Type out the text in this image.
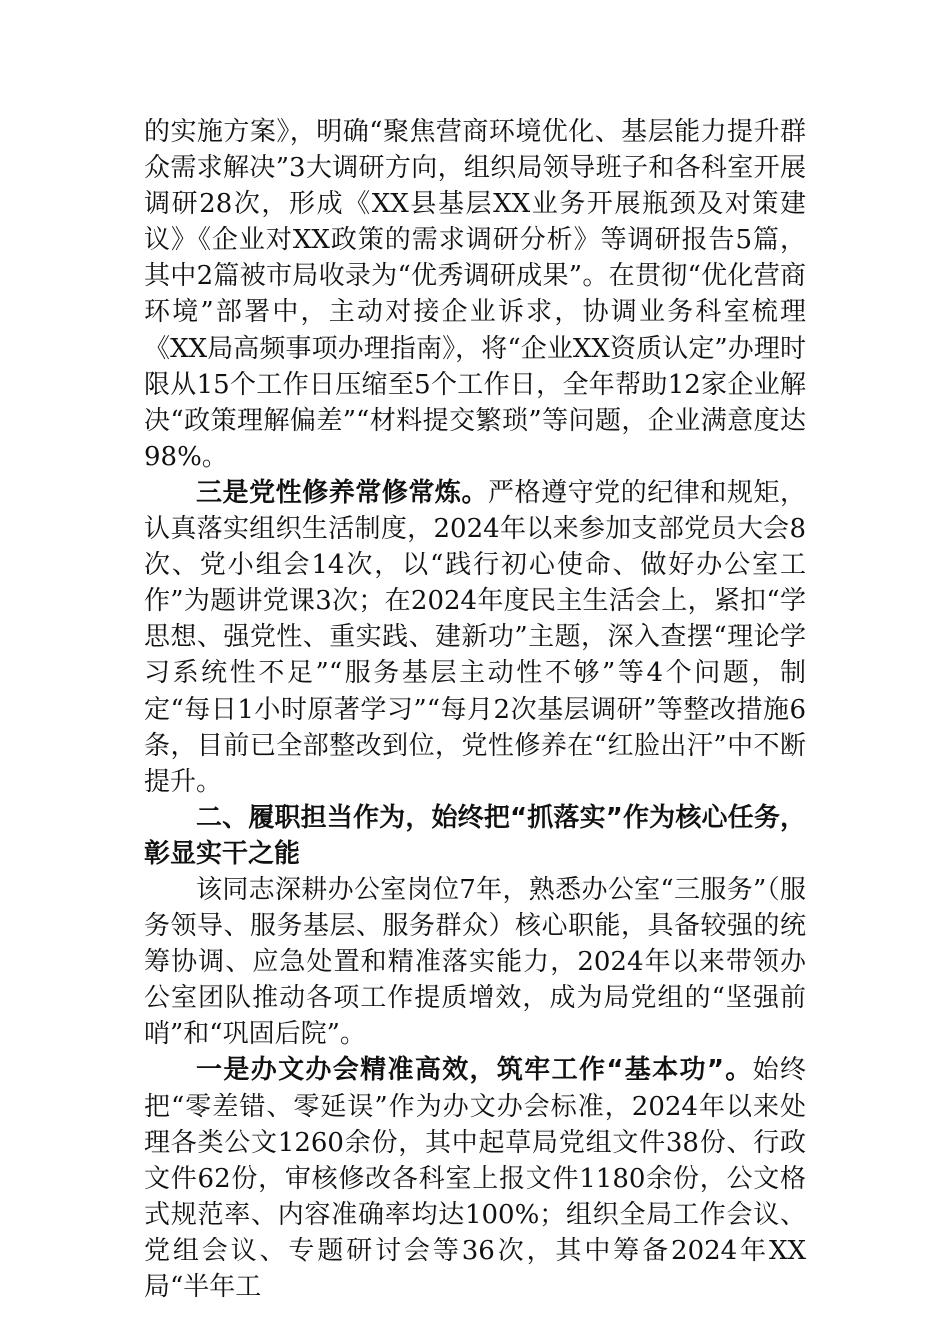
的实施方案》，明确“聚焦营商环境优化、基层能力提升群众需求解决”3大调研方向，组织局领导班子和各科室开展调研28次，形成《XX县基层XX业务开展瓶颈及对策建议》《企业对XX政策的需求调研分析》等调研报告5篇，其中2篇被市局收录为“优秀调研成果”。在贯彻“优化营商环境”部署中，主动对接企业诉求，协调业务科室梳理《XX局高频事项办理指南》，将“企业XX资质认定”办理时限从15个工作日压缩至5个工作日，全年帮助12家企业解决“政策理解偏差”“材料提交繁琐”等问题，企业满意度达98%。

三是党性修养常修常炼。严格遵守党的纪律和规矩，认真落实组织生活制度，2024年以来参加支部党员大会8次、党小组会14次，以“践行初心使命、做好办公室工作”为题讲党课3次；在2024年度民主生活会上，紧扣“学思想、强党性、重实践、建新功”主题，深入查摆“理论学习系统性不足”“服务基层主动性不够”等4个问题，制定“每日1小时原著学习”“每月2次基层调研”等整改措施6条，目前已全部整改到位，党性修养在“红脸出汗”中不断提升。

二、履职担当作为，始终把“抓落实”作为核心任务，彰显实干之能

该同志深耕办公室岗位7年，熟悉办公室“三服务”（服务领导、服务基层、服务群众）核心职能，具备较强的统筹协调、应急处置和精准落实能力，2024年以来带领办公室团队推动各项工作提质增效，成为局党组的“坚强前哨”和“巩固后院”。

一是办文办会精准高效，筑牢工作“基本功”。始终把“零差错、零延误”作为办文办会标准，2024年以来处理各类公文1260余份，其中起草局党组文件38份、行政文件62份，审核修改各科室上报文件1180余份，公文格式规范率、内容准确率均达100%；组织全局工作会议、党组会议、专题研讨会等36次，其中筹备2024年XX局“半年工
